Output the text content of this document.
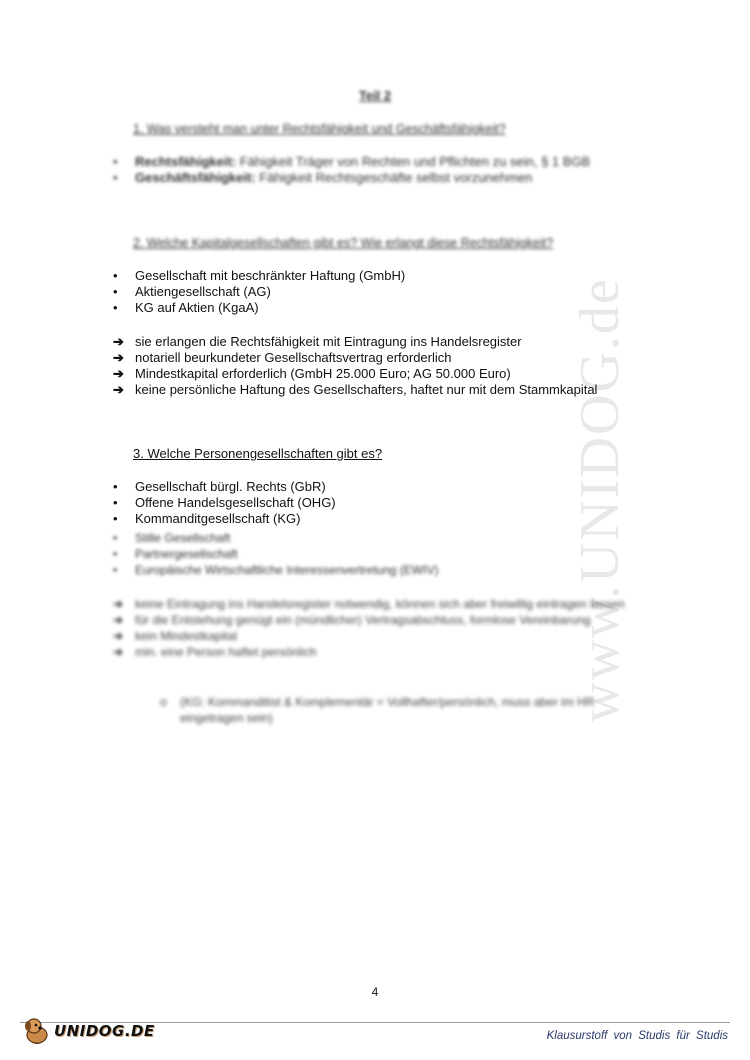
www.UNIDOG.de
Teil 2
1. Was versteht man unter Rechtsfähigkeit und Geschäftsfähigkeit?
• Rechtsfähigkeit: Fähigkeit Träger von Rechten und Pflichten zu sein, § 1 BGB
• Geschäftsfähigkeit: Fähigkeit Rechtsgeschäfte selbst vorzunehmen
2. Welche Kapitalgesellschaften gibt es? Wie erlangt diese Rechtsfähigkeit?
• Gesellschaft mit beschränkter Haftung (GmbH)
• Aktiengesellschaft (AG)
• KG auf Aktien (KgaA)
➔ sie erlangen die Rechtsfähigkeit mit Eintragung ins Handelsregister
➔ notariell beurkundeter Gesellschaftsvertrag erforderlich
➔ Mindestkapital erforderlich (GmbH 25.000 Euro; AG 50.000 Euro)
➔ keine persönliche Haftung des Gesellschafters, haftet nur mit dem Stammkapital
3. Welche Personengesellschaften gibt es?
• Gesellschaft bürgl. Rechts (GbR)
• Offene Handelsgesellschaft (OHG)
• Kommanditgesellschaft (KG)
• Stille Gesellschaft
• Partnergesellschaft
• Europäische Wirtschaftliche Interessenvertretung (EWIV)
➔ keine Eintragung ins Handelsregister notwendig, können sich aber freiwillig eintragen lassen
➔ für die Entstehung genügt ein (mündlicher) Vertragsabschluss, formlose Vereinbarung
➔ kein Mindestkapital
➔ min. eine Person haftet persönlich
o	(KG: Kommanditist & Komplementär = Vollhafter/persönlich, muss aber im HR eingetragen sein)
4
UNIDOG.DE	Klausurstoff von Studis für Studis
